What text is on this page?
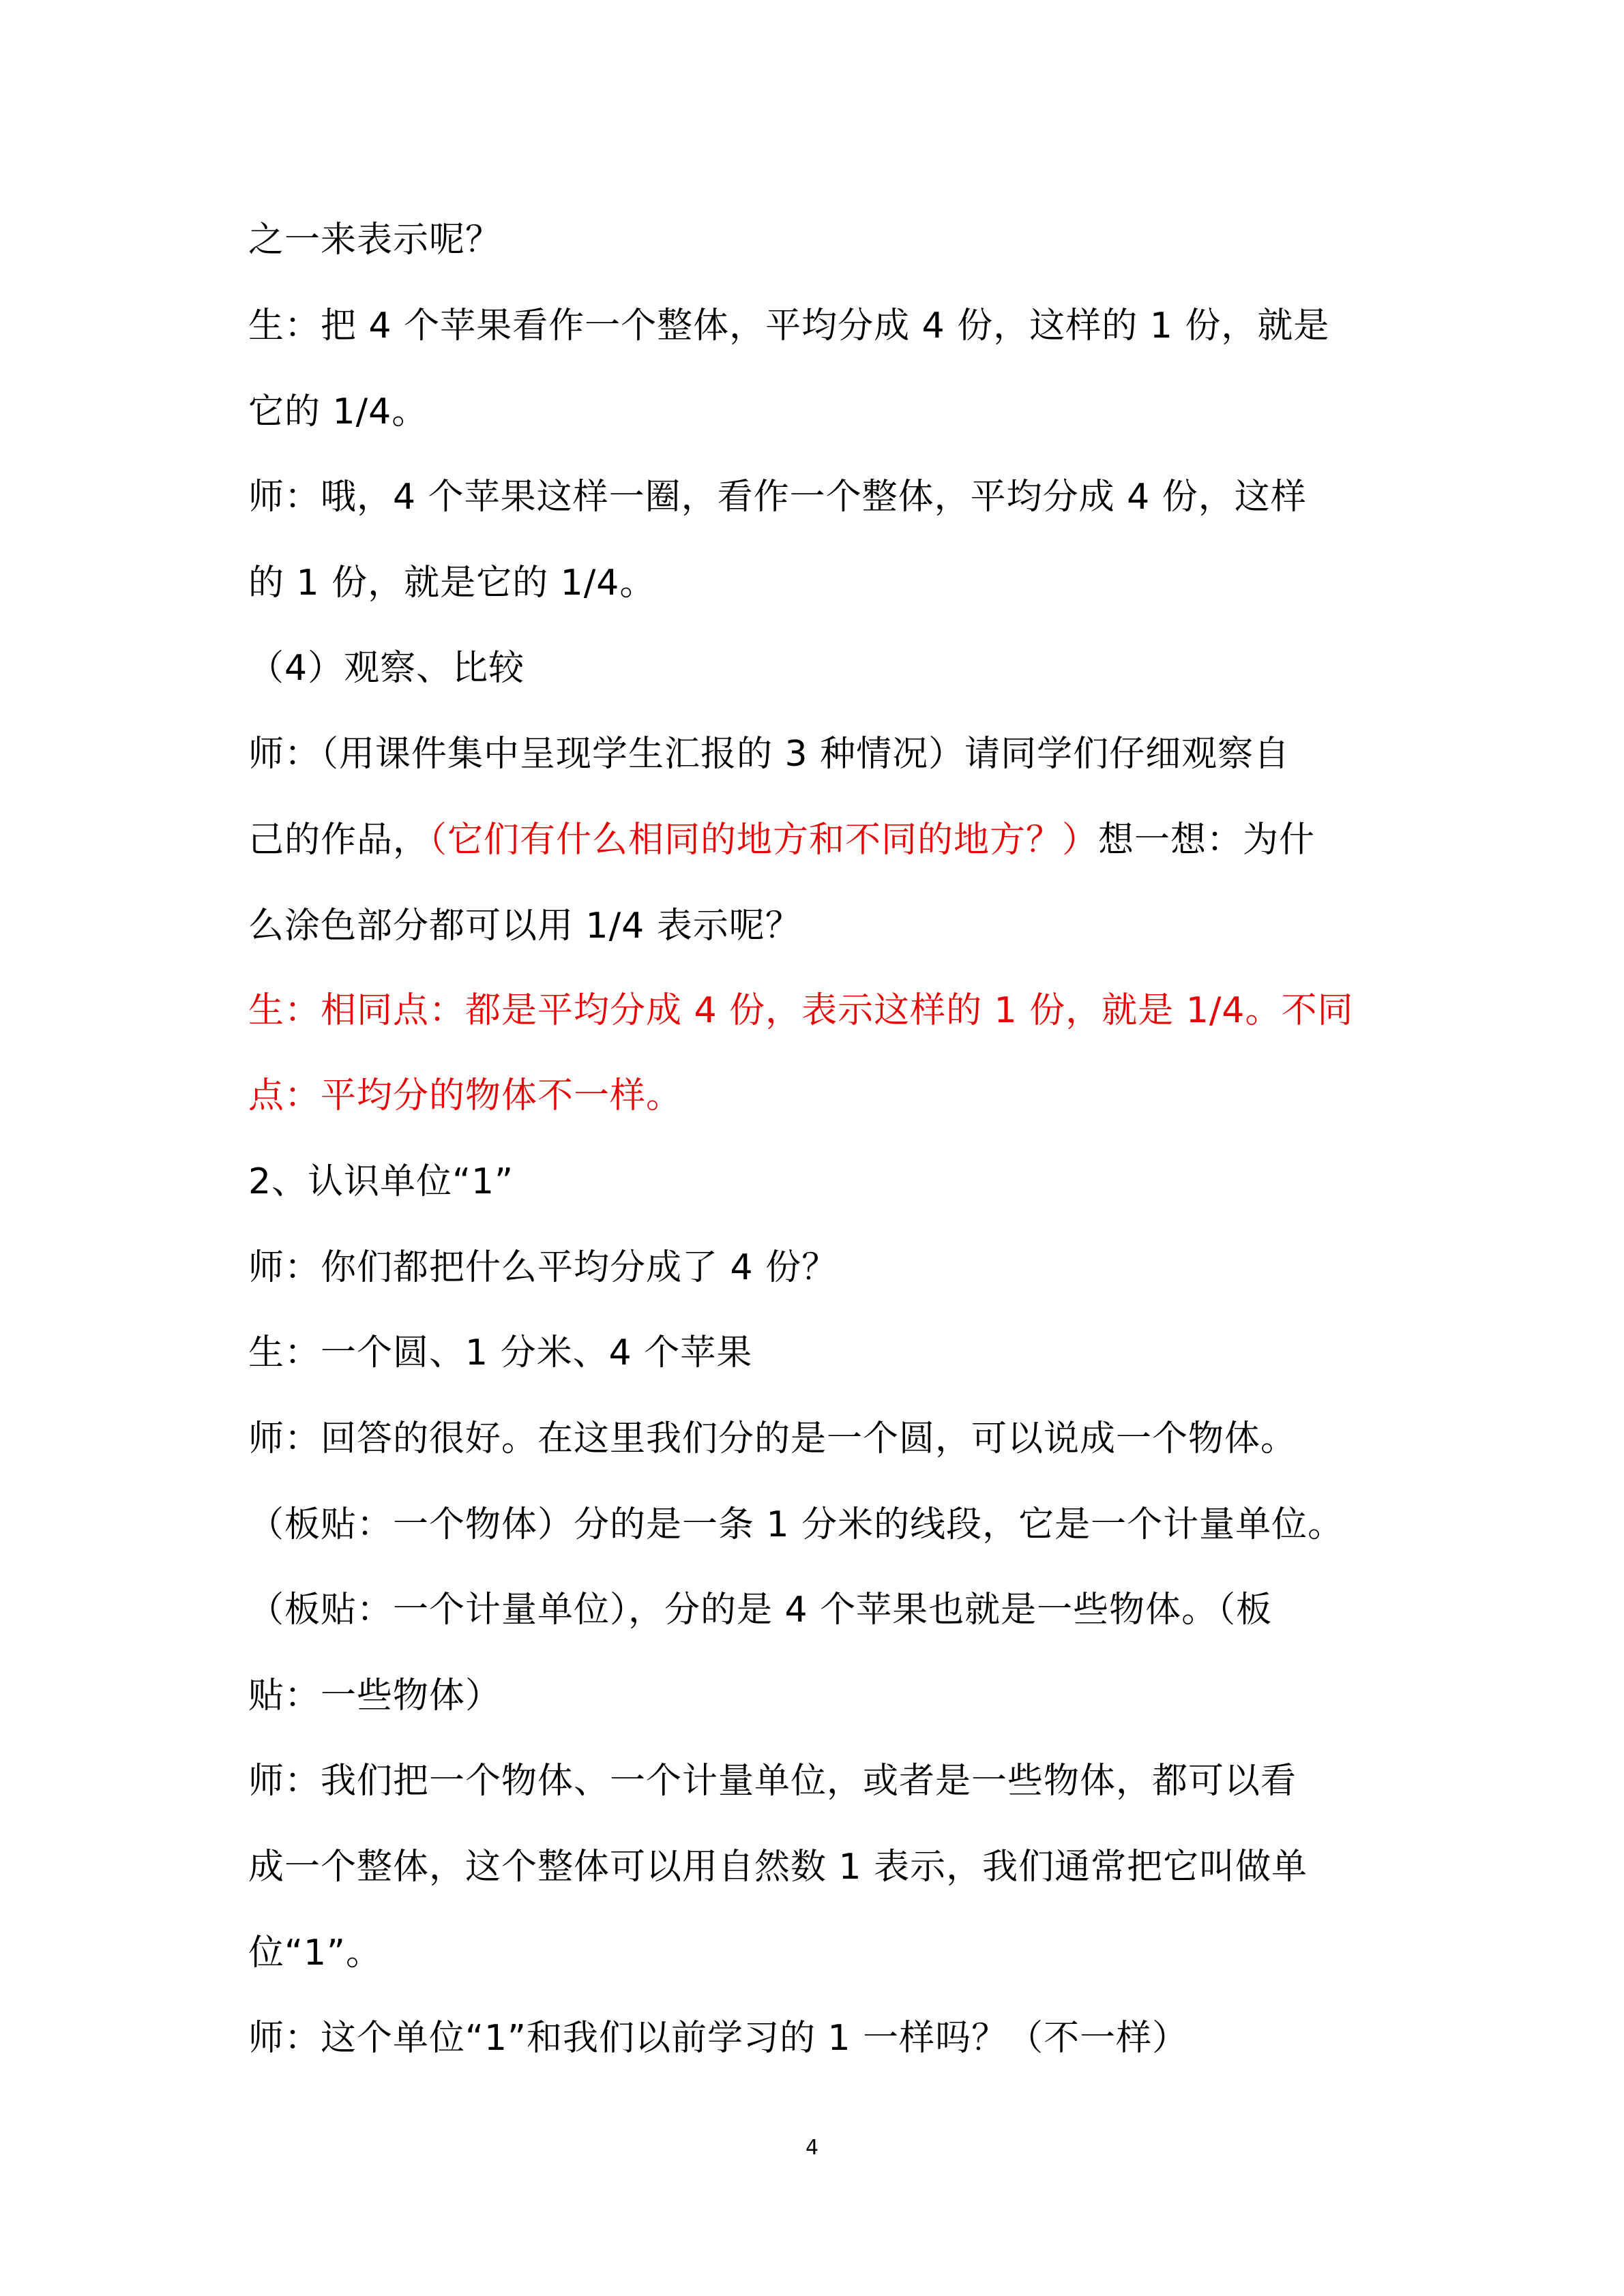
之一来表示呢？
生：把 4 个苹果看作一个整体，平均分成 4 份，这样的 1 份，就是
它的 1/4。
师：哦，4 个苹果这样一圈，看作一个整体，平均分成 4 份，这样
的 1 份，就是它的 1/4。
（4）观察、比较
师：（用课件集中呈现学生汇报的 3 种情况）请同学们仔细观察自
己的作品，（它们有什么相同的地方和不同的地方？）想一想：为什
么涂色部分都可以用 1/4 表示呢？
生：相同点：都是平均分成 4 份，表示这样的 1 份，就是 1/4。不同
点：平均分的物体不一样。
2、认识单位“1”
师：你们都把什么平均分成了 4 份？
生：一个圆、1 分米、4 个苹果
师：回答的很好。在这里我们分的是一个圆，可以说成一个物体。
（板贴：一个物体）分的是一条 1 分米的线段，它是一个计量单位。
（板贴：一个计量单位），分的是 4 个苹果也就是一些物体。（板
贴：一些物体）
师：我们把一个物体、一个计量单位，或者是一些物体，都可以看
成一个整体，这个整体可以用自然数 1 表示，我们通常把它叫做单
位“1”。
师：这个单位“1”和我们以前学习的 1 一样吗？（不一样）
4
